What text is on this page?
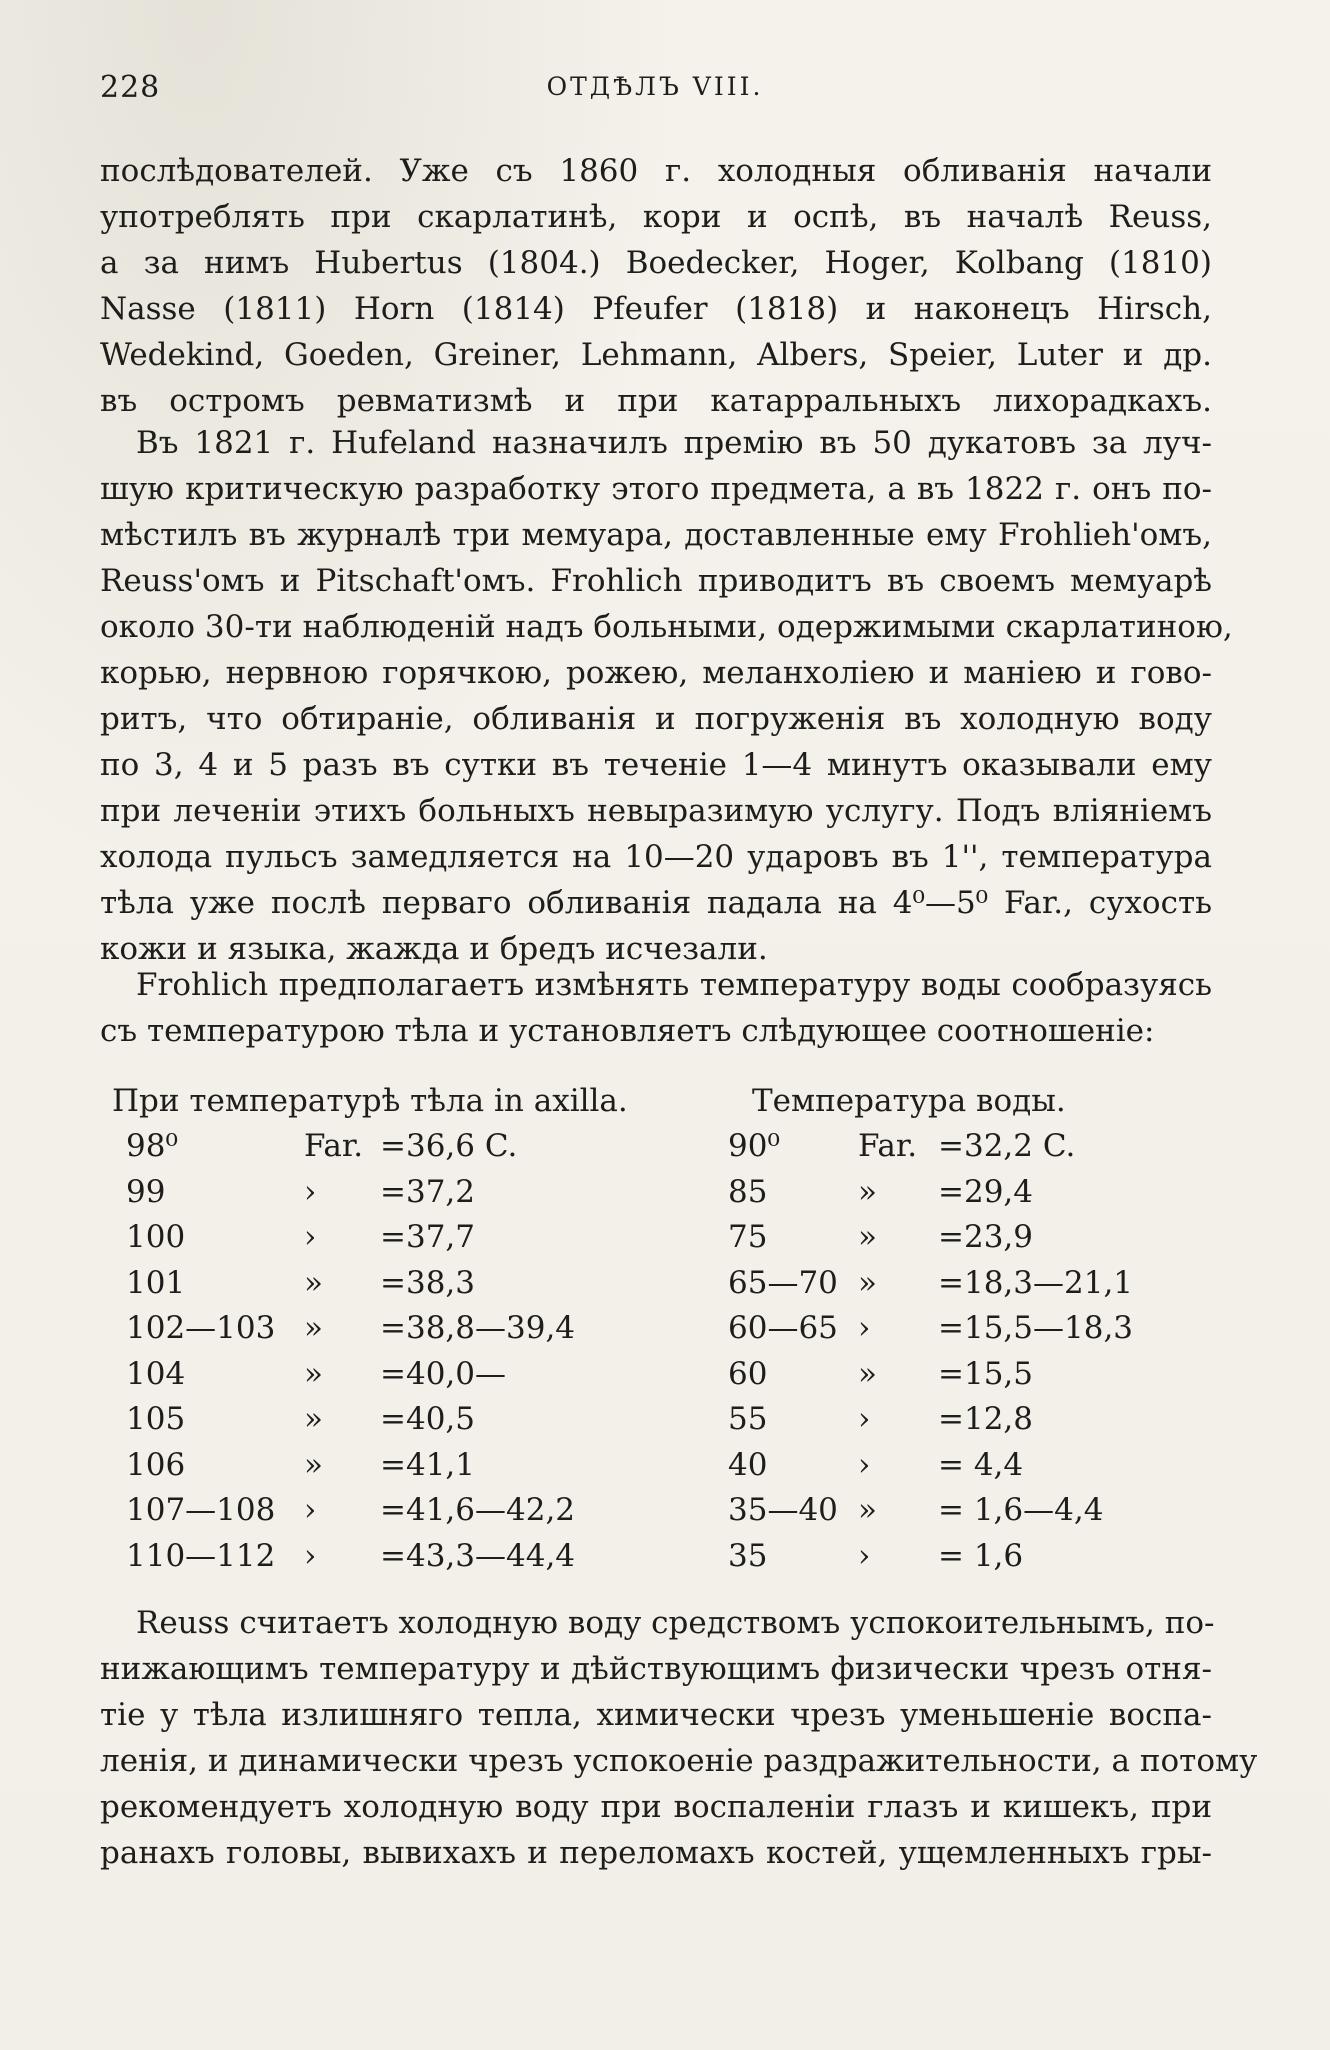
228	ОТДѢЛЪ VIII.
послѣдователей. Уже съ 1860 г. холодныя обливанія начали
употреблять при скарлатинѣ, кори и оспѣ, въ началѣ Reuss,
а за нимъ Hubertus (1804.) Boedecker, Hoger, Kolbang (1810)
Nasse (1811) Horn (1814) Pfeufer (1818) и наконецъ Hirsch,
Wedekind, Goeden, Greiner, Lehmann, Albers, Speier, Luter и др.
въ остромъ ревматизмѣ и при катарральныхъ лихорадкахъ.
Въ 1821 г. Hufeland назначилъ премію въ 50 дукатовъ за луч-
шую критическую разработку этого предмета, а въ 1822 г. онъ по-
мѣстилъ въ журналѣ три мемуара, доставленные ему Frohlieh'омъ,
Reuss'омъ и Pitschaft'омъ. Frohlich приводитъ въ своемъ мемуарѣ
около 30-ти наблюденій надъ больными, одержимыми скарлатиною,
корью, нервною горячкою, рожею, меланхоліею и маніею и гово-
ритъ, что обтираніе, обливанія и погруженія въ холодную воду
по 3, 4 и 5 разъ въ сутки въ теченіе 1—4 минутъ оказывали ему
при леченіи этихъ больныхъ невыразимую услугу. Подъ вліяніемъ
холода пульсъ замедляется на 10—20 ударовъ въ 1'', температура
тѣла уже послѣ перваго обливанія падала на 4⁰—5⁰ Far., сухость
кожи и языка, жажда и бредъ исчезали.
Frohlich предполагаетъ измѣнять температуру воды сообразуясь
съ температурою тѣла и установляетъ слѣдующее соотношеніе:
При температурѣ тѣла in axilla.	Температура воды.
98⁰	Far. =36,6 C.	90⁰	Far. =32,2 C.
99	› =37,2	85	» =29,4
100	› =37,7	75	» =23,9
101	» =38,3	65—70 » =18,3—21,1
102—103 » =38,8—39,4	60—65 › =15,5—18,3
104	» =40,0—	60	» =15,5
105	» =40,5	55	› =12,8
106	» =41,1	40	› = 4,4
107—108 › =41,6—42,2	35—40 » = 1,6—4,4
110—112 › =43,3—44,4	35	› = 1,6
Reuss считаетъ холодную воду средствомъ успокоительнымъ, по-
нижающимъ температуру и дѣйствующимъ физически чрезъ отня-
тіе у тѣла излишняго тепла, химически чрезъ уменьшеніе воспа-
ленія, и динамически чрезъ успокоеніе раздражительности, а потому
рекомендуетъ холодную воду при воспаленіи глазъ и кишекъ, при
ранахъ головы, вывихахъ и переломахъ костей, ущемленныхъ гры-
